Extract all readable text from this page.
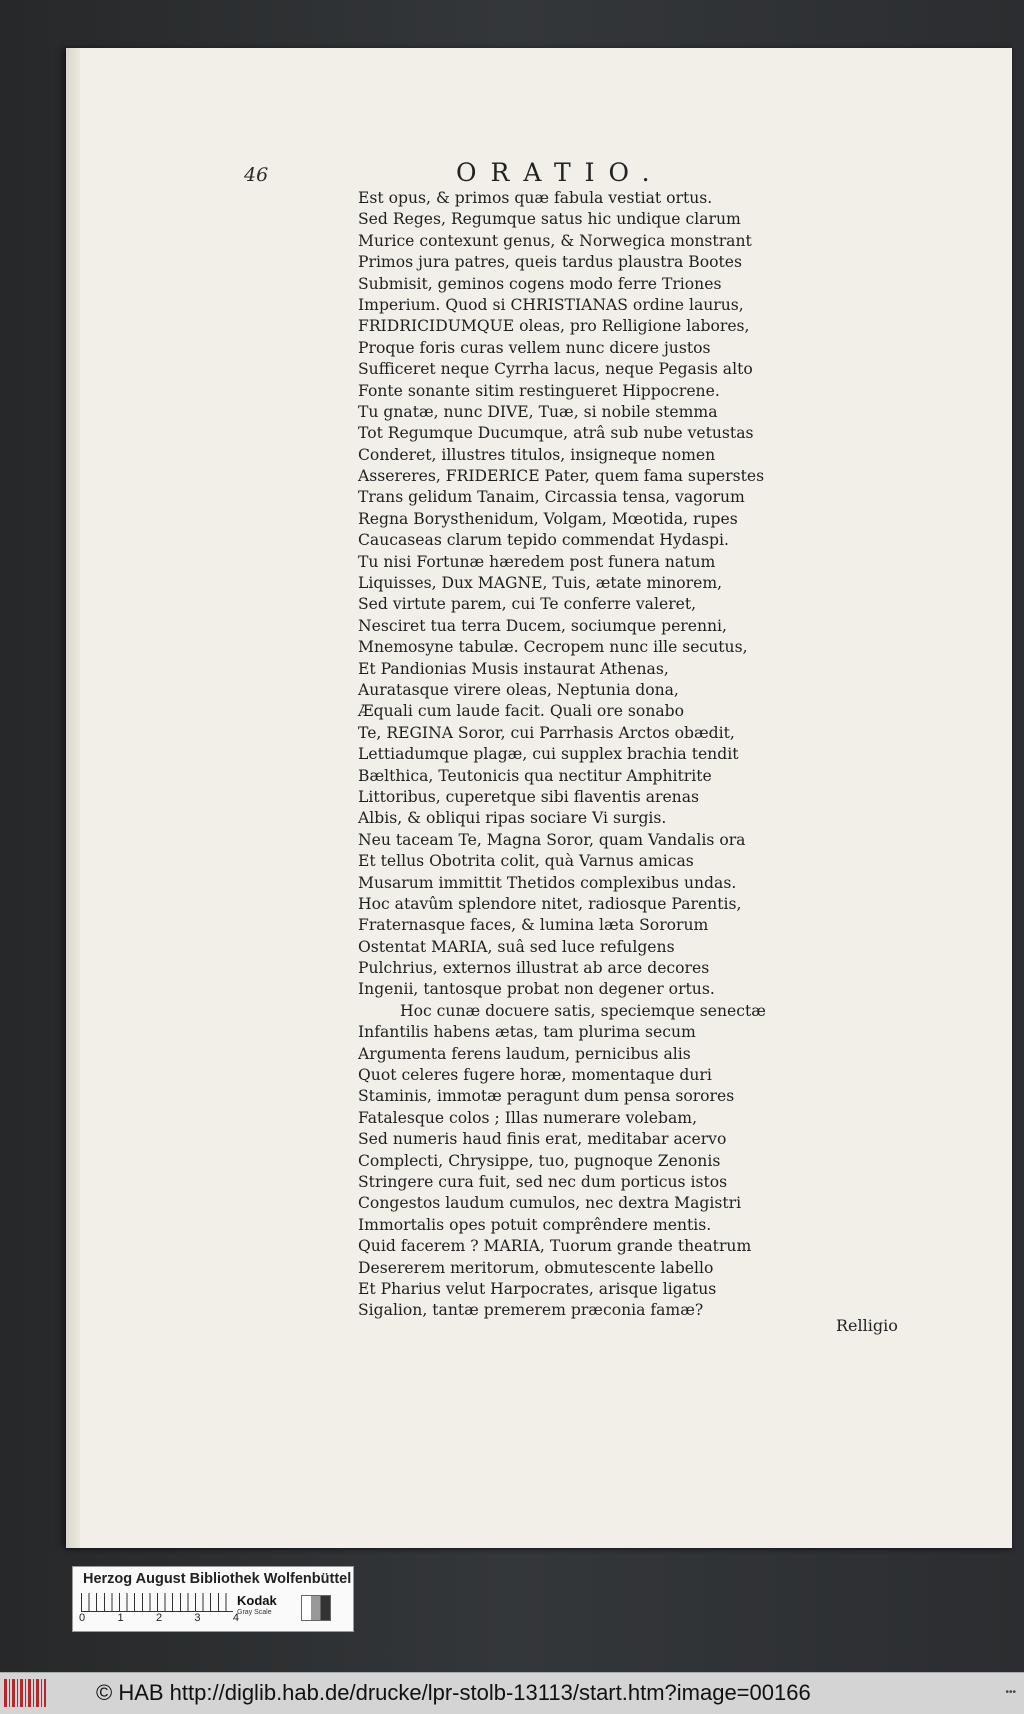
46	ORATIO.
Est opus, & primos quæ fabula vestiat ortus.
Sed Reges, Regumque satus hic undique clarum
Murice contexunt genus, & Norwegica monstrant
Primos jura patres, queis tardus plaustra Bootes
Submisit, geminos cogens modo ferre Triones
Imperium. Quod si CHRISTIANAS ordine laurus,
FRIDRICIDUMQUE oleas, pro Relligione labores,
Proque foris curas vellem nunc dicere justos
Sufficeret neque Cyrrha lacus, neque Pegasis alto
Fonte sonante sitim restingueret Hippocrene.
Tu gnatæ, nunc DIVE, Tuæ, si nobile stemma
Tot Regumque Ducumque, atrâ sub nube vetustas
Conderet, illustres titulos, insigneque nomen
Assereres, FRIDERICE Pater, quem fama superstes
Trans gelidum Tanaim, Circassia tensa, vagorum
Regna Borysthenidum, Volgam, Mœotida, rupes
Caucaseas clarum tepido commendat Hydaspi.
Tu nisi Fortunæ hæredem post funera natum
Liquisses, Dux MAGNE, Tuis, ætate minorem,
Sed virtute parem, cui Te conferre valeret,
Nesciret tua terra Ducem, sociumque perenni,
Mnemosyne tabulæ. Cecropem nunc ille secutus,
Et Pandionias Musis instaurat Athenas,
Auratasque virere oleas, Neptunia dona,
Æquali cum laude facit. Quali ore sonabo
Te, REGINA Soror, cui Parrhasis Arctos obædit,
Lettiadumque plagæ, cui supplex brachia tendit
Bælthica, Teutonicis qua nectitur Amphitrite
Littoribus, cuperetque sibi flaventis arenas
Albis, & obliqui ripas sociare Vi surgis.
Neu taceam Te, Magna Soror, quam Vandalis ora
Et tellus Obotrita colit, quà Varnus amicas
Musarum immittit Thetidos complexibus undas.
Hoc atavûm splendore nitet, radiosque Parentis,
Fraternasque faces, & lumina læta Sororum
Ostentat MARIA, suâ sed luce refulgens
Pulchrius, externos illustrat ab arce decores
Ingenii, tantosque probat non degener ortus.
Hoc cunæ docuere satis, speciemque senectæ
Infantilis habens ætas, tam plurima secum
Argumenta ferens laudum, pernicibus alis
Quot celeres fugere horæ, momentaque duri
Staminis, immotæ peragunt dum pensa sorores
Fatalesque colos ; Illas numerare volebam,
Sed numeris haud finis erat, meditabar acervo
Complecti, Chrysippe, tuo, pugnoque Zenonis
Stringere cura fuit, sed nec dum porticus istos
Congestos laudum cumulos, nec dextra Magistri
Immortalis opes potuit comprêndere mentis.
Quid facerem ? MARIA, Tuorum grande theatrum
Desererem meritorum, obmutescente labello
Et Pharius velut Harpocrates, arisque ligatus
Sigalion, tantæ premerem præconia famæ?
Relligio
Herzog August Bibliothek Wolfenbüttel
0	1	2	3	4
Kodak
Gray Scale
© HAB http://diglib.hab.de/drucke/lpr-stolb-13113/start.htm?image=00166	•••
